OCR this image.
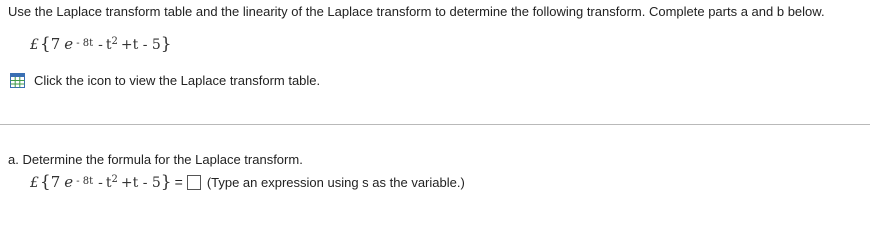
Use the Laplace transform table and the linearity of the Laplace transform to determine the following transform. Complete parts a and b below.
£ { 7 e $^{- 8t}$ - t 2 +t - 5 }
Click the icon to view the Laplace transform table.
a. Determine the formula for the Laplace transform.
£ { 7 e $^{- 8t}$ - t 2 +t - 5 } = (Type an expression using s as the variable.)
